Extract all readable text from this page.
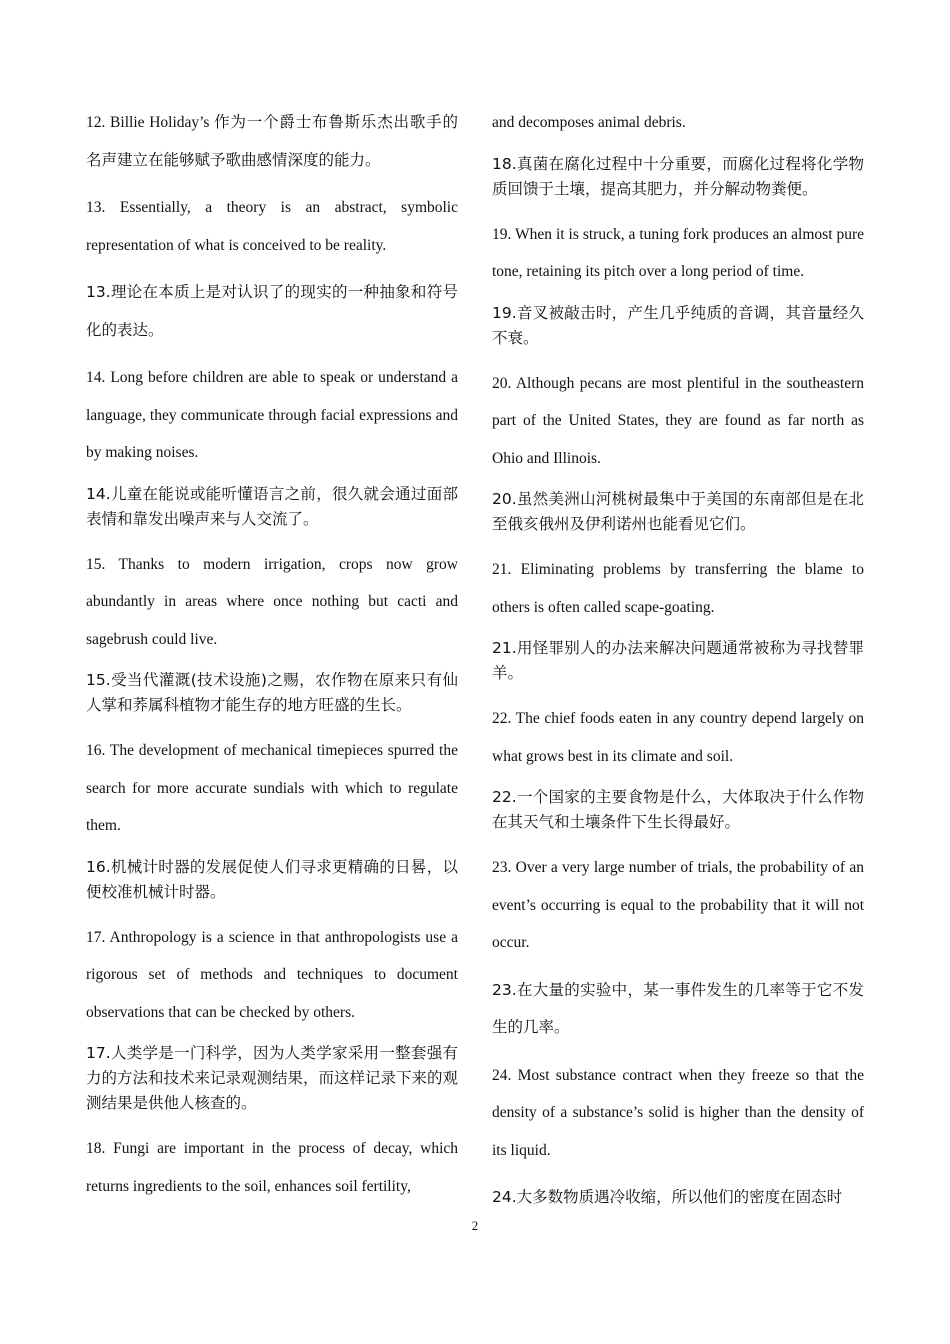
12. Billie Holiday’s 作为一个爵士布鲁斯乐杰出歌手的名声建立在能够赋予歌曲感情深度的能力。

13. Essentially, a theory is an abstract, symbolic representation of what is conceived to be reality.

13.理论在本质上是对认识了的现实的一种抽象和符号化的表达。

14. Long before children are able to speak or understand a language, they communicate through facial expressions and by making noises.

14.儿童在能说或能听懂语言之前，很久就会通过面部表情和靠发出噪声来与人交流了。

15. Thanks to modern irrigation, crops now grow abundantly in areas where once nothing but cacti and sagebrush could live.

15.受当代灌溉(技术设施)之赐，农作物在原来只有仙人掌和荞属科植物才能生存的地方旺盛的生长。

16. The development of mechanical timepieces spurred the search for more accurate sundials with which to regulate them.

16.机械计时器的发展促使人们寻求更精确的日晷，以便校准机械计时器。

17. Anthropology is a science in that anthropologists use a rigorous set of methods and techniques to document observations that can be checked by others.

17.人类学是一门科学，因为人类学家采用一整套强有力的方法和技术来记录观测结果，而这样记录下来的观测结果是供他人核查的。

18. Fungi are important in the process of decay, which returns ingredients to the soil, enhances soil fertility,

and decomposes animal debris.

18.真菌在腐化过程中十分重要，而腐化过程将化学物质回馈于土壤，提高其肥力，并分解动物粪便。

19. When it is struck, a tuning fork produces an almost pure tone, retaining its pitch over a long period of time.

19.音叉被敲击时，产生几乎纯质的音调，其音量经久不衰。

20. Although pecans are most plentiful in the southeastern part of the United States, they are found as far north as Ohio and Illinois.

20.虽然美洲山河桃树最集中于美国的东南部但是在北至俄亥俄州及伊利诺州也能看见它们。

21. Eliminating problems by transferring the blame to others is often called scape-goating.

21.用怪罪别人的办法来解决问题通常被称为寻找替罪羊。

22. The chief foods eaten in any country depend largely on what grows best in its climate and soil.

22.一个国家的主要食物是什么，大体取决于什么作物在其天气和土壤条件下生长得最好。

23. Over a very large number of trials, the probability of an event’s occurring is equal to the probability that it will not occur.

23.在大量的实验中，某一事件发生的几率等于它不发生的几率。

24. Most substance contract when they freeze so that the density of a substance’s solid is higher than the density of its liquid.

24.大多数物质遇冷收缩，所以他们的密度在固态时

2
